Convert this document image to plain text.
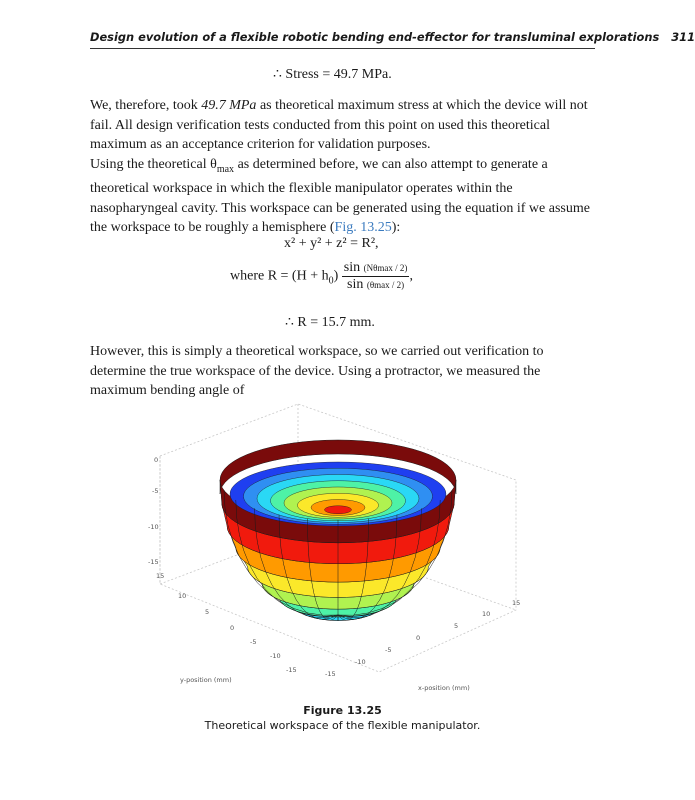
Design evolution of a flexible robotic bending end-effector for transluminal explorations 311
∴ Stress = 49.7 MPa.

We, therefore, took 49.7 MPa as theoretical maximum stress at which the device will not fail. All design verification tests conducted from this point on used this theoretical maximum as an acceptance criterion for validation purposes.

Using the theoretical $\theta_{max}$ as determined before, we can also attempt to generate a theoretical workspace in which the flexible manipulator operates within the nasopharyngeal cavity. This workspace can be generated using the equation if we assume the workspace to be roughly a hemisphere (Fig. 13.25):

x² + y² + z² = R²,
where $R = (H + h_0) \frac{\sin (N\theta\max / 2)}{\sin (\theta\max / 2)}$ ,
∴ R = 15.7 mm.

However, this is simply a theoretical workspace, so we carried out verification to determine the true workspace of the device. Using a protractor, we measured the maximum bending angle of

0
-5
-10
-15
15
10
5
0
-5
-10
-15
15
10
5
0
-5
-10
-15
y-position (mm)
x-position (mm)
Figure 13.25
Theoretical workspace of the flexible manipulator.
